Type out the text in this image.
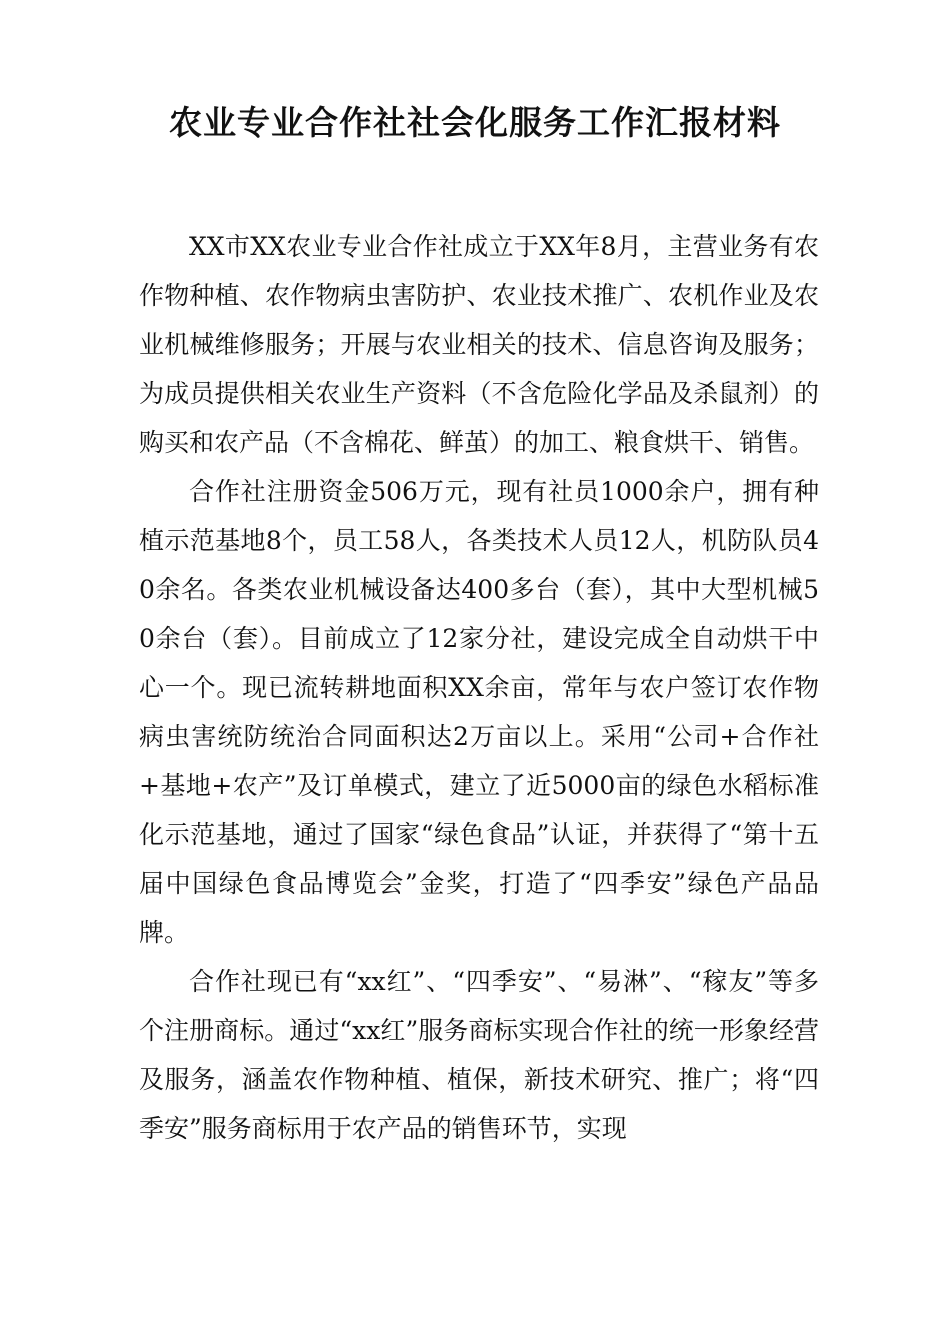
农业专业合作社社会化服务工作汇报材料

XX市XX农业专业合作社成立于XX年8月，主营业务有农作物种植、农作物病虫害防护、农业技术推广、农机作业及农业机械维修服务；开展与农业相关的技术、信息咨询及服务；为成员提供相关农业生产资料（不含危险化学品及杀鼠剂）的购买和农产品（不含棉花、鲜茧）的加工、粮食烘干、销售。

合作社注册资金506万元，现有社员1000余户，拥有种植示范基地8个，员工58人，各类技术人员12人，机防队员40余名。各类农业机械设备达400多台（套），其中大型机械50余台（套）。目前成立了12家分社，建设完成全自动烘干中心一个。现已流转耕地面积XX余亩，常年与农户签订农作物病虫害统防统治合同面积达2万亩以上。采用“公司+合作社+基地+农产”及订单模式，建立了近5000亩的绿色水稻标准化示范基地，通过了国家“绿色食品”认证，并获得了“第十五届中国绿色食品博览会”金奖，打造了“四季安”绿色产品品牌。

合作社现已有“xx红”、“四季安”、“易淋”、“稼友”等多个注册商标。通过“xx红”服务商标实现合作社的统一形象经营及服务，涵盖农作物种植、植保，新技术研究、推广；将“四季安”服务商标用于农产品的销售环节，实现
